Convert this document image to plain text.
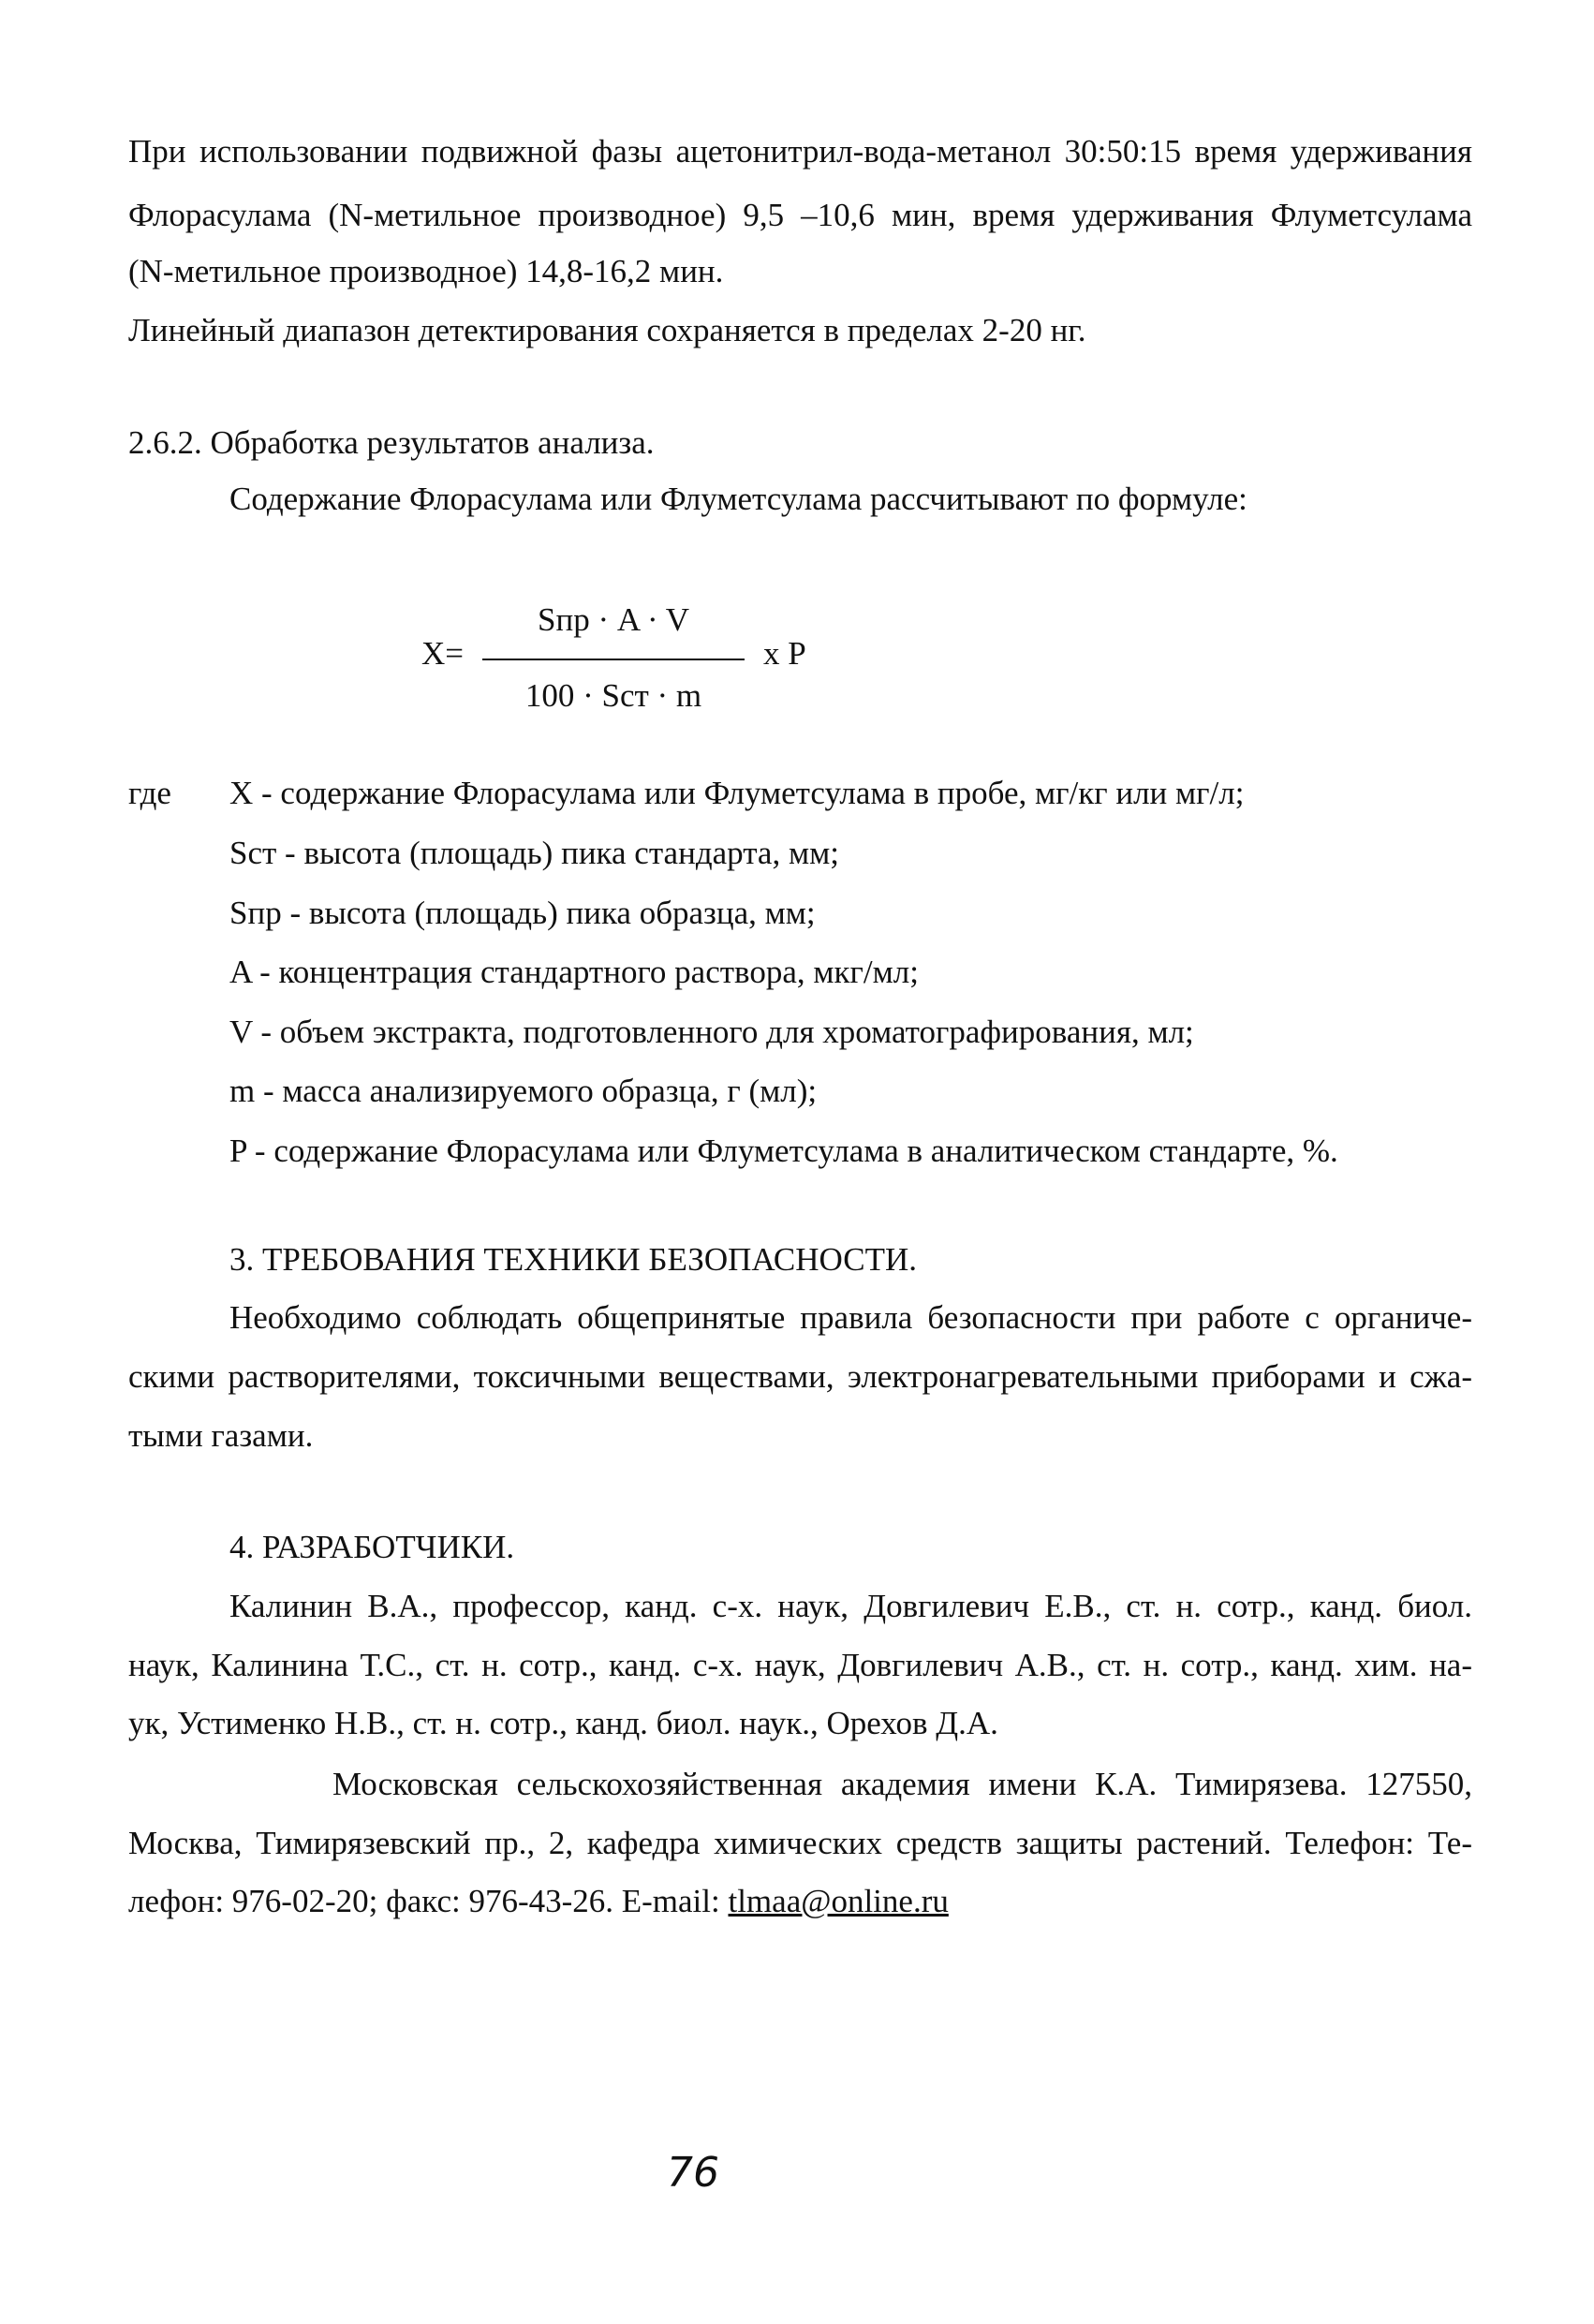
При использовании подвижной фазы ацетонитрил-вода-метанол 30:50:15 время удерживания

Флорасулама (N-метильное производное) 9,5 –10,6 мин, время удерживания Флуметсулама

(N-метильное производное) 14,8-16,2 мин.

Линейный диапазон детектирования сохраняется в пределах 2-20 нг.

2.6.2. Обработка результатов анализа.

Содержание Флорасулама или Флуметсулама рассчитывают по формуле:

Sпр · A · V
X=	x P
100 · Sст · m
где X - содержание Флорасулама или Флуметсулама в пробе, мг/кг или мг/л;

Sст - высота (площадь) пика стандарта, мм;

Sпр - высота (площадь) пика образца, мм;

A - концентрация стандартного раствора, мкг/мл;

V - объем экстракта, подготовленного для хроматографирования, мл;

m - масса анализируемого образца, г (мл);

P - содержание Флорасулама или Флуметсулама в аналитическом стандарте, %.

3. ТРЕБОВАНИЯ ТЕХНИКИ БЕЗОПАСНОСТИ.

Необходимо соблюдать общепринятые правила безопасности при работе с органиче-

скими растворителями, токсичными веществами, электронагревательными приборами и сжа-

тыми газами.

4. РАЗРАБОТЧИКИ.

Калинин В.А., профессор, канд. с-х. наук, Довгилевич Е.В., ст. н. сотр., канд. биол.

наук, Калинина Т.С., ст. н. сотр., канд. с-х. наук, Довгилевич А.В., ст. н. сотр., канд. хим. на-

ук, Устименко Н.В., ст. н. сотр., канд. биол. наук., Орехов Д.А.

Московская сельскохозяйственная академия имени К.А. Тимирязева. 127550,

Москва, Тимирязевский пр., 2, кафедра химических средств защиты растений. Телефон: Те-

лефон: 976-02-20; факс: 976-43-26. E-mail: tlmaa@online.ru

76
